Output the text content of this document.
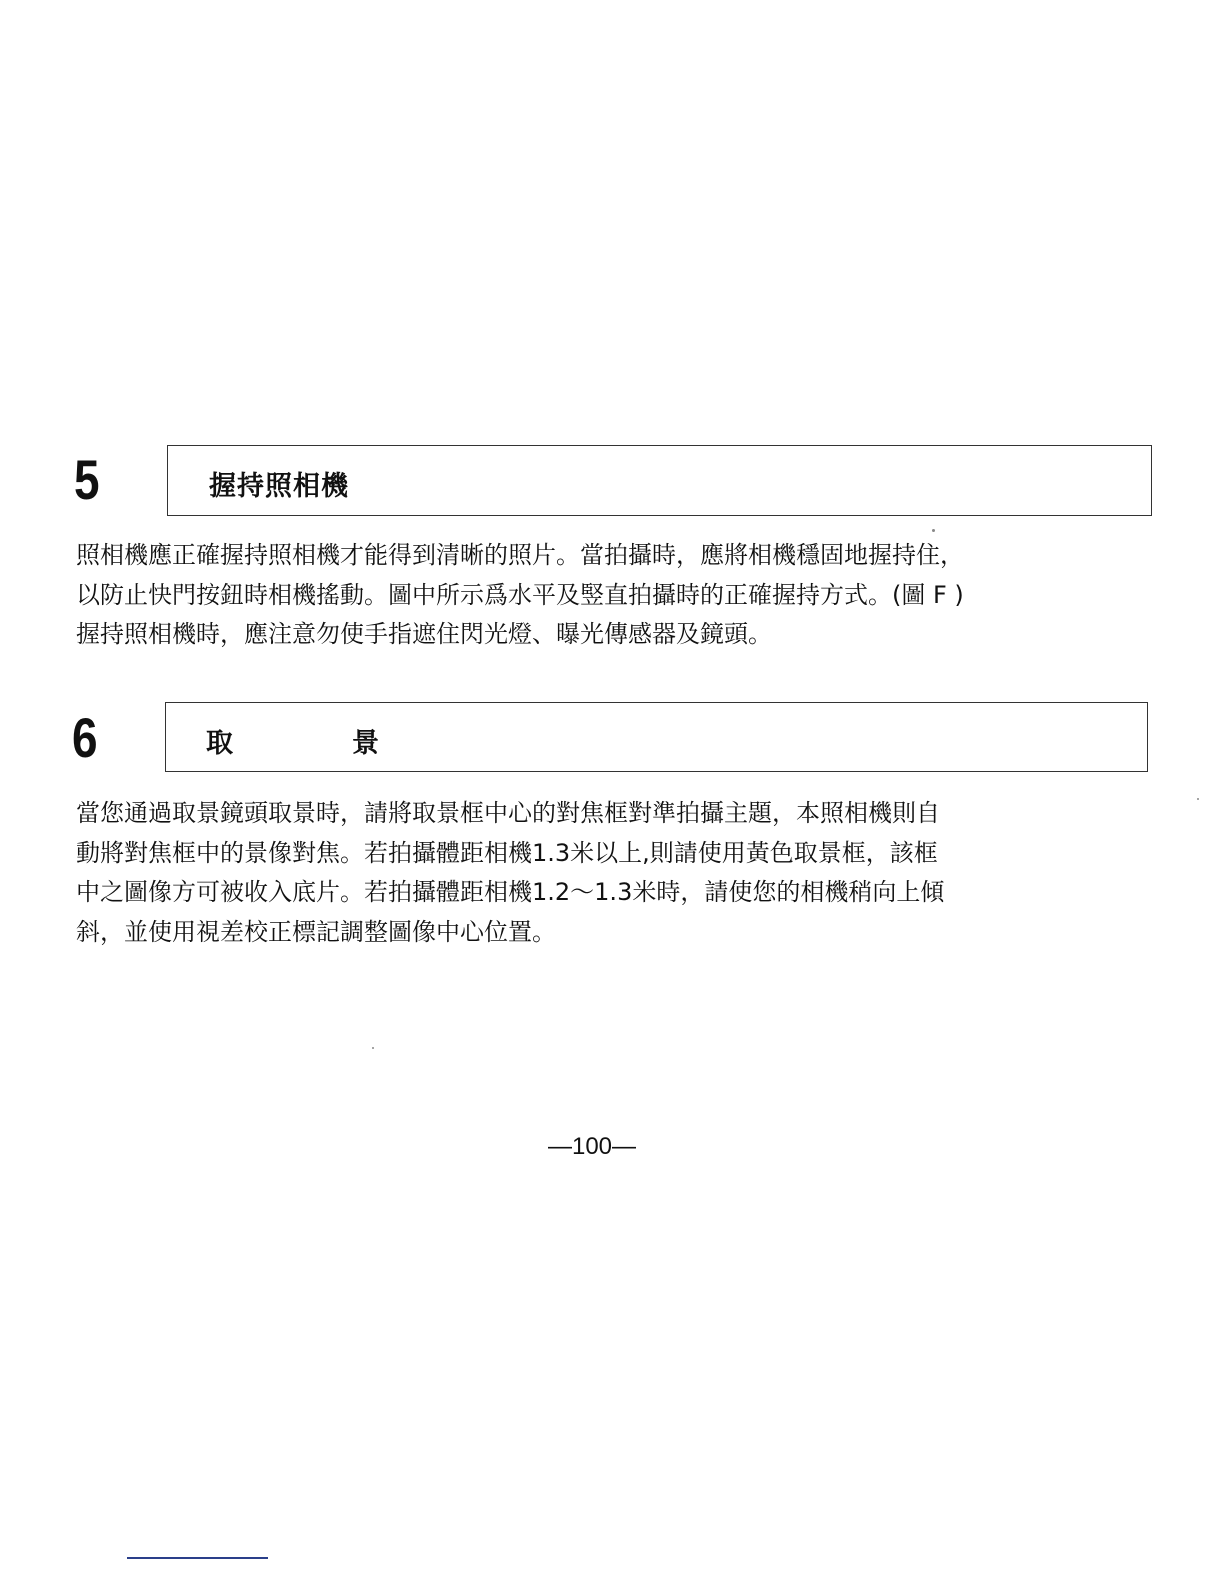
5	握持照相機
照相機應正確握持照相機才能得到清晰的照片。當拍攝時，應將相機穩固地握持住，
以防止快門按鈕時相機搖動。圖中所示爲水平及竪直拍攝時的正確握持方式。(圖 F )
握持照相機時，應注意勿使手指遮住閃光燈、曝光傳感器及鏡頭。
6	取	景
當您通過取景鏡頭取景時，請將取景框中心的對焦框對準拍攝主題，本照相機則自
動將對焦框中的景像對焦。若拍攝體距相機1.3米以上,則請使用黃色取景框，該框
中之圖像方可被收入底片。若拍攝體距相機1.2～1.3米時，請使您的相機稍向上傾
斜，並使用視差校正標記調整圖像中心位置。
—100—
